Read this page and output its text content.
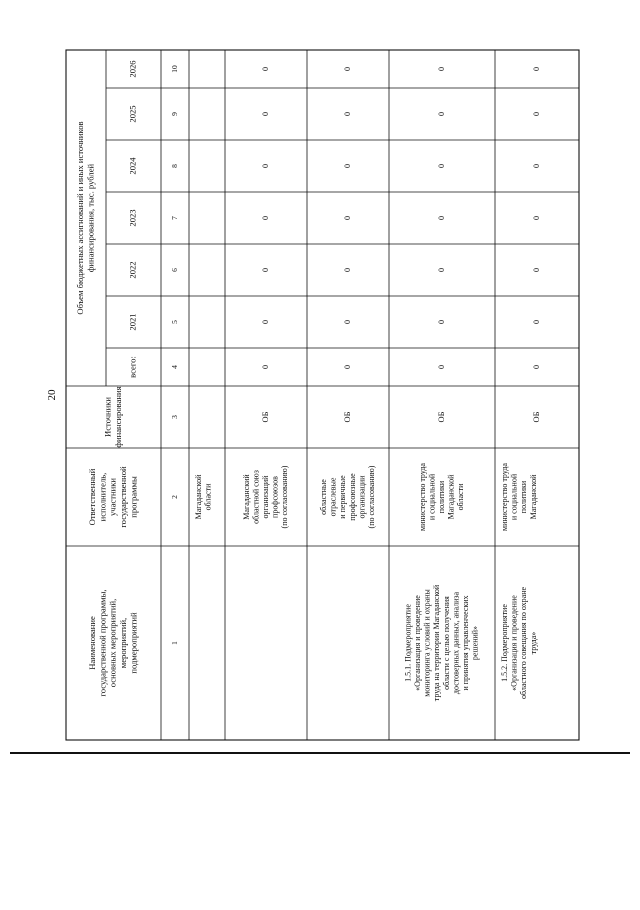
20
Наименование государственной программы, основных мероприятий, мероприятий, подмероприятий
Ответственный исполнитель, участники государственной программы
Источники финансирования
Объем бюджетных ассигнований и иных источников финансирования, тыс. рублей
всего:
2021
2022
2023
2024
2025
2026
1
2
3
4
5
6
7
8
9
10
Магаданской области	Магаданский областной союз организаций профсоюзов (по согласованию)
ОБ
0
0
0
0
0
0
0
областные отраслевые и первичные профсоюзные организации (по согласованию)
ОБ
0
0
0
0
0
0
0
1.5.1. Подмероприятие «Организация и проведение мониторинга условий и охраны труда на территории Магаданской области с целью получения достоверных данных, анализа и принятия управленческих решений»
министерство труда и социальной политики Магаданской области
ОБ
0
0
0
0
0
0
0
1.5.2. Подмероприятие «Организация и проведение областного совещания по охране труда»
министерство труда и социальной политики Магаданской
ОБ
0
0
0
0
0
0
0
